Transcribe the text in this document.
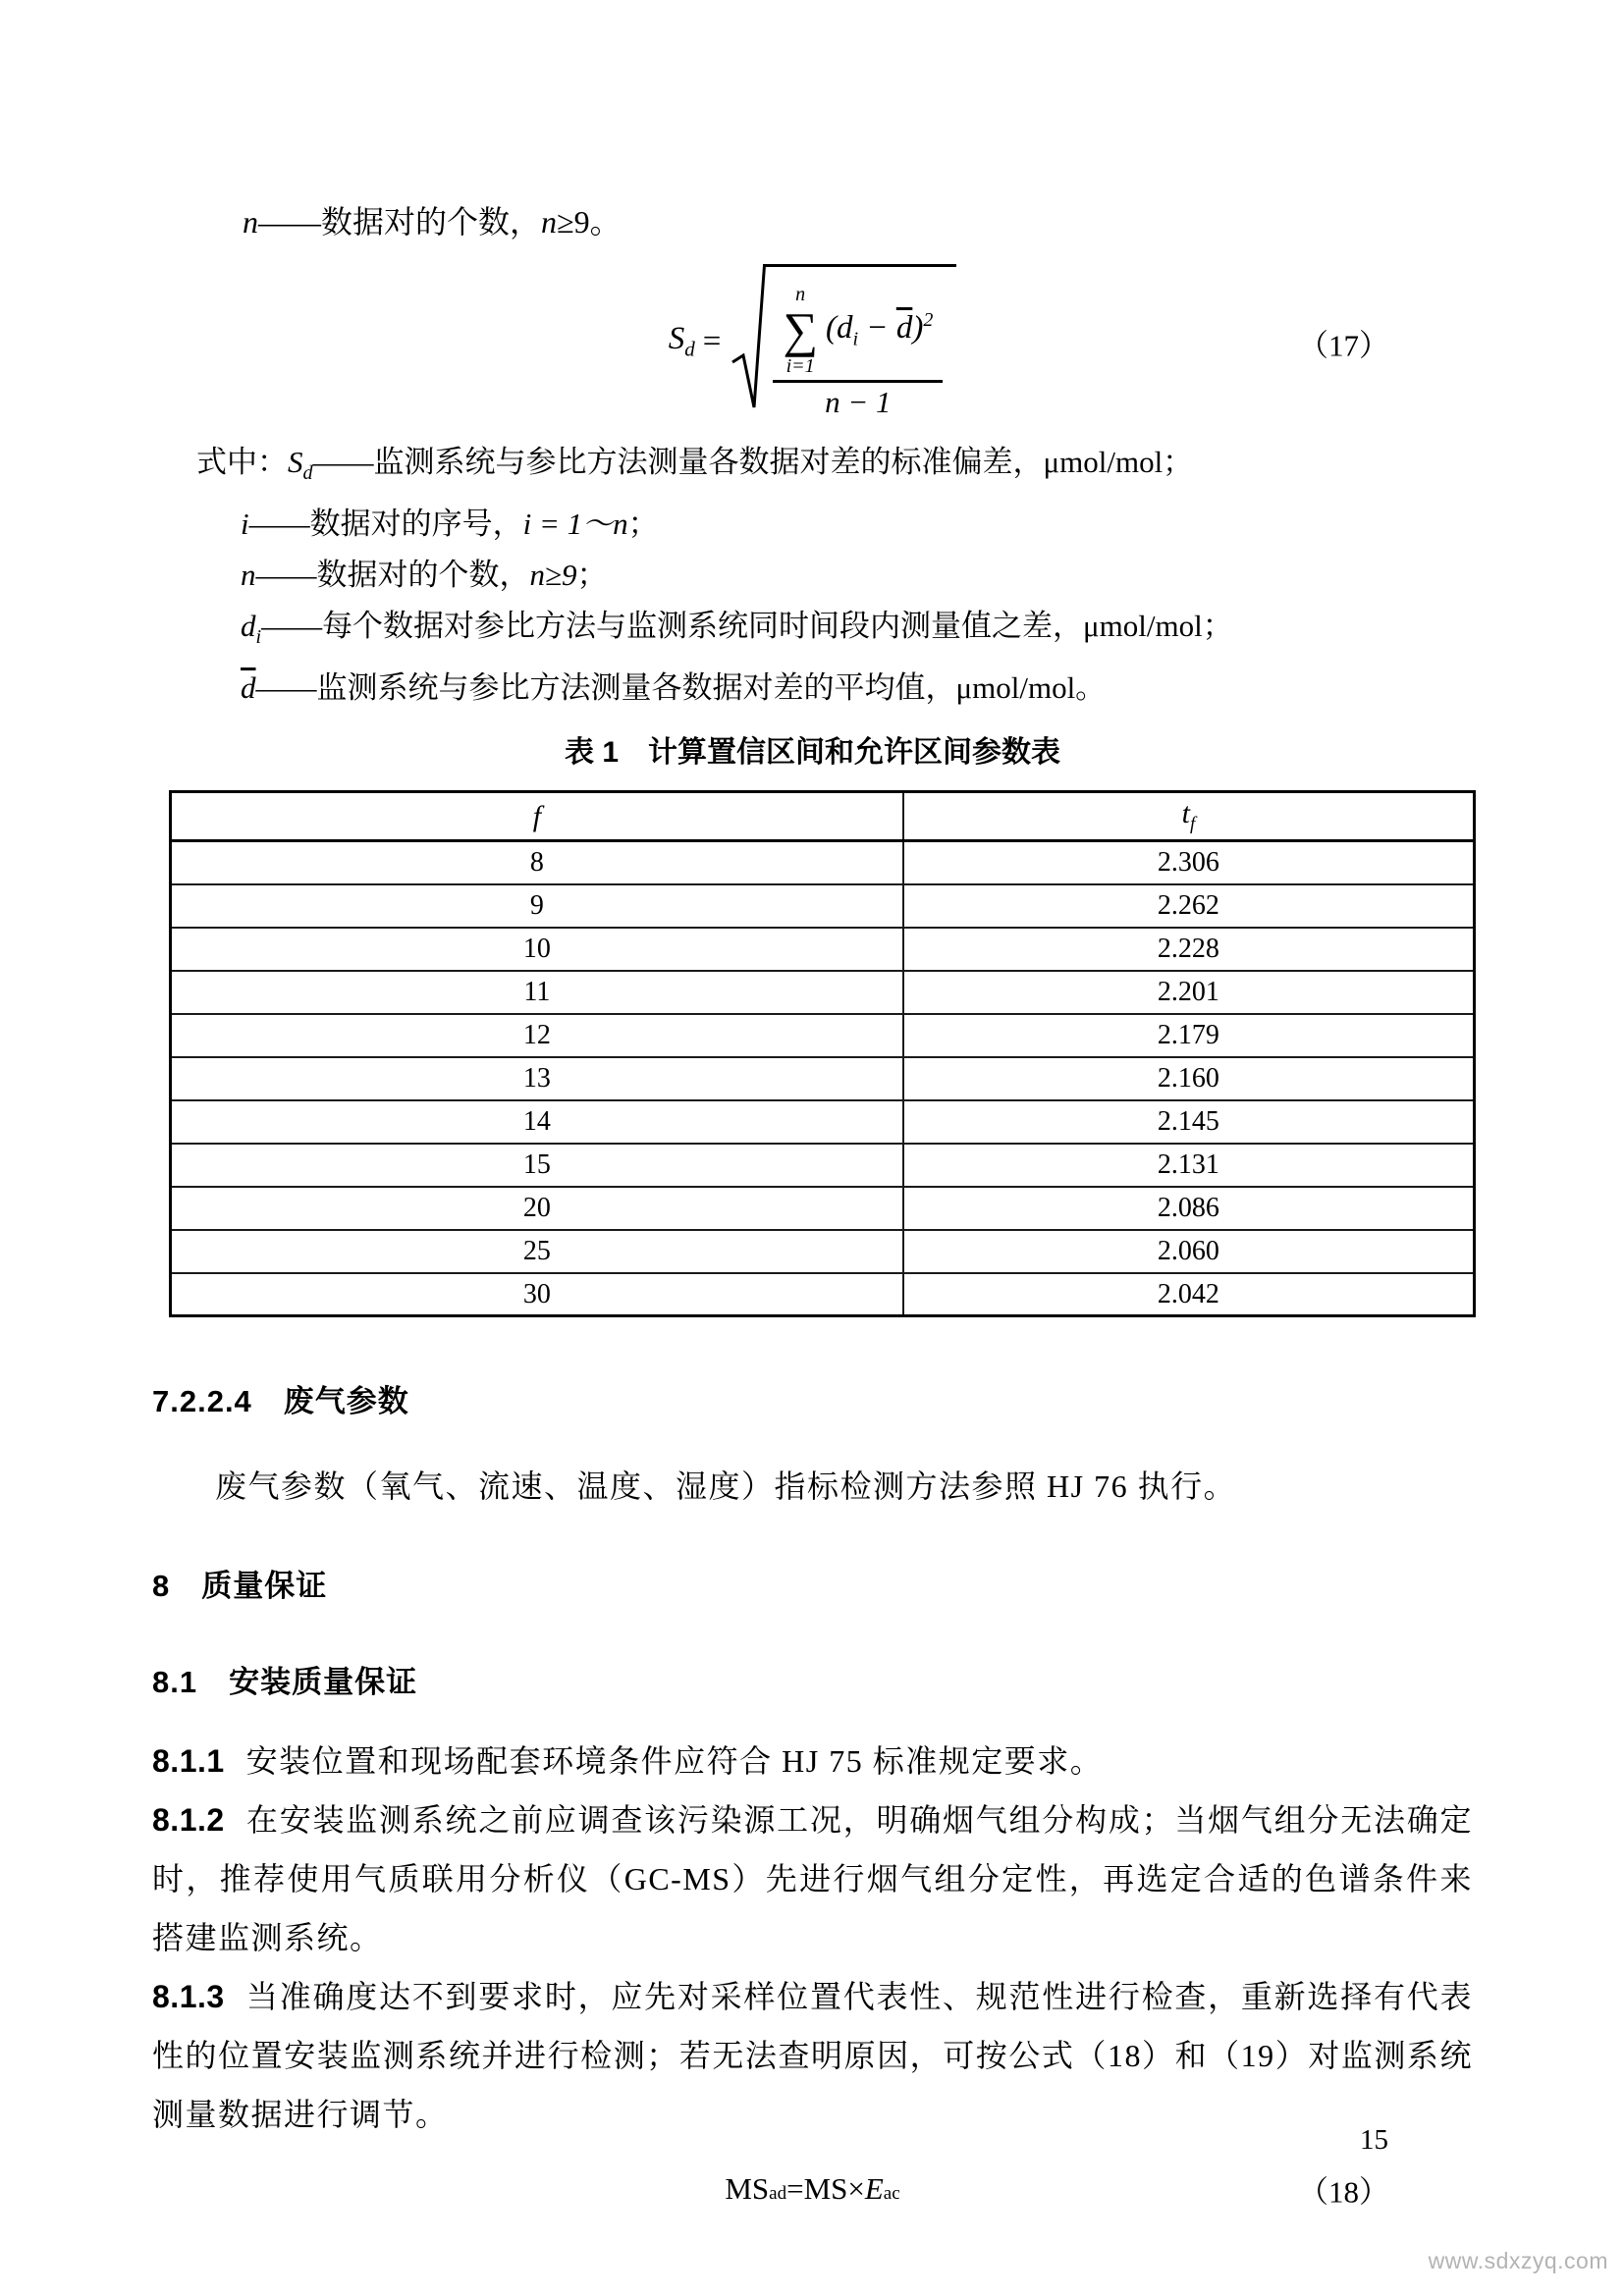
n——数据对的个数，n≥9。
$S_d$ =
n
∑
i=1
$(d_i - \overline{d})^2$
n − 1
（17）
式中：$S_d——$监测系统与参比方法测量各数据对差的标准偏差，μmol/mol；
i——数据对的序号，i = 1～n；
n——数据对的个数，n≥9；
$d_i——$每个数据对参比方法与监测系统同时间段内测量值之差，μmol/mol；
$\overline{d}——$监测系统与参比方法测量各数据对差的平均值，μmol/mol。
表 1　计算置信区间和允许区间参数表
f	$t_f$
8	2.306
9	2.262
10	2.228
11	2.201
12	2.179
13	2.160
14	2.145
15	2.131
20	2.086
25	2.060
30	2.042
7.2.2.4　废气参数
废气参数（氧气、流速、温度、湿度）指标检测方法参照 HJ 76 执行。
8　质量保证
8.1　安装质量保证
8.1.1 安装位置和现场配套环境条件应符合 HJ 75 标准规定要求。
8.1.2 在安装监测系统之前应调查该污染源工况，明确烟气组分构成；当烟气组分无法确定时，推荐使用气质联用分析仪（GC-MS）先进行烟气组分定性，再选定合适的色谱条件来搭建监测系统。
8.1.3 当准确度达不到要求时，应先对采样位置代表性、规范性进行检查，重新选择有代表性的位置安装监测系统并进行检测；若无法查明原因，可按公式（18）和（19）对监测系统测量数据进行调节。
MS ad = MS × E ac	（18）
15
www.sdxzyq.com
